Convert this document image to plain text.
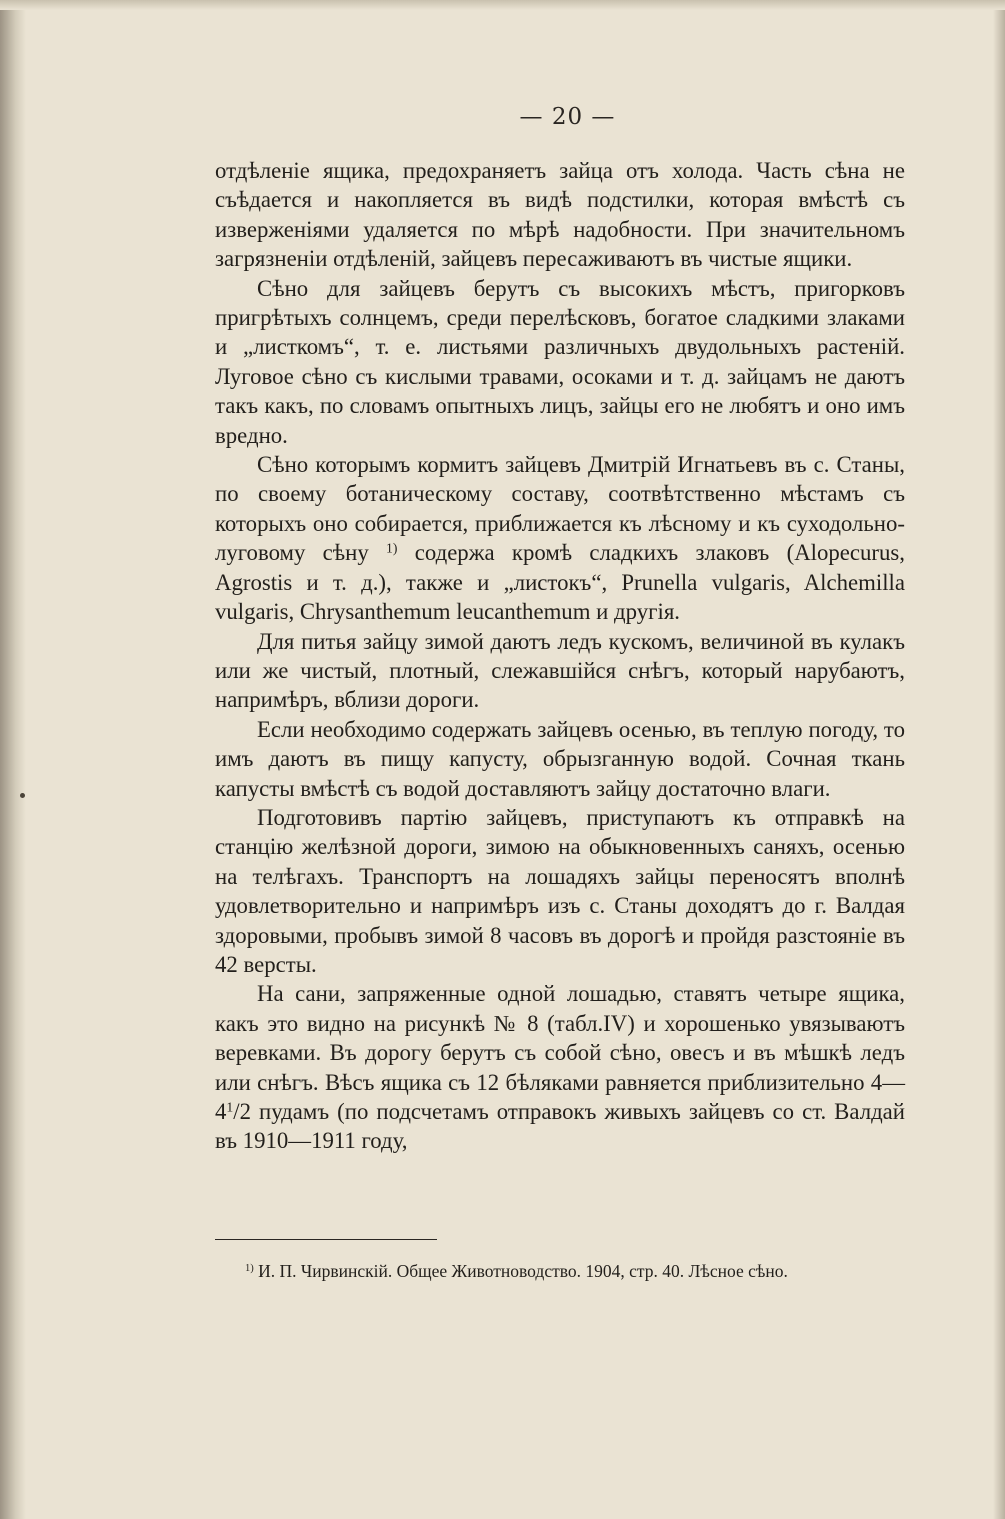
— 20 —

отдѣленіе ящика, предохраняетъ зайца отъ холода. Часть сѣна не съѣдается и накопляется въ видѣ подстилки, которая вмѣстѣ съ изверженіями удаляется по мѣрѣ надобности. При значительномъ загрязненіи отдѣленій, зайцевъ пересаживаютъ въ чистые ящики.

Сѣно для зайцевъ берутъ съ высокихъ мѣстъ, пригорковъ пригрѣтыхъ солнцемъ, среди перелѣсковъ, богатое сладкими злаками и „листкомъ“, т. е. листьями различныхъ двудольныхъ растеній. Луговое сѣно съ кислыми травами, осоками и т. д. зайцамъ не даютъ такъ какъ, по словамъ опытныхъ лицъ, зайцы его не любятъ и оно имъ вредно.

Сѣно которымъ кормитъ зайцевъ Дмитрій Игнатьевъ въ с. Станы, по своему ботаническому составу, соотвѣтственно мѣстамъ съ которыхъ оно собирается, приближается къ лѣсному и къ суходольно-луговому сѣну $^{1)}$ содержа кромѣ сладкихъ злаковъ (Alopecurus, Agrostis и т. д.), также и „листокъ“, Prunella vulgaris, Alchemilla vulgaris, Chrysanthemum leucanthemum и другія.

Для питья зайцу зимой даютъ ледъ кускомъ, величиной въ кулакъ или же чистый, плотный, слежавшійся снѣгъ, который нарубаютъ, напримѣръ, вблизи дороги.

Если необходимо содержать зайцевъ осенью, въ теплую погоду, то имъ даютъ въ пищу капусту, обрызганную водой. Сочная ткань капусты вмѣстѣ съ водой доставляютъ зайцу достаточно влаги.

Подготовивъ партію зайцевъ, приступаютъ къ отправкѣ на станцію желѣзной дороги, зимою на обыкновенныхъ саняхъ, осенью на телѣгахъ. Транспортъ на лошадяхъ зайцы переносятъ вполнѣ удовлетворительно и напримѣръ изъ с. Станы доходятъ до г. Валдая здоровыми, пробывъ зимой 8 часовъ въ дорогѣ и пройдя разстояніе въ 42 версты.

На сани, запряженные одной лошадью, ставятъ четыре ящика, какъ это видно на рисункѣ № 8 (табл.IV) и хорошенько увязываютъ веревками. Въ дорогу берутъ съ собой сѣно, овесъ и въ мѣшкѣ ледъ или снѣгъ. Вѣсъ ящика съ 12 бѣляками равняется приблизительно $4—4^1/2$ пудамъ (по подсчетамъ отправокъ живыхъ зайцевъ со ст. Валдай въ 1910—1911 году,

$^{1)}$ И. П. Чирвинскій. Общее Животноводство. 1904, стр. 40. Лѣсное сѣно.
